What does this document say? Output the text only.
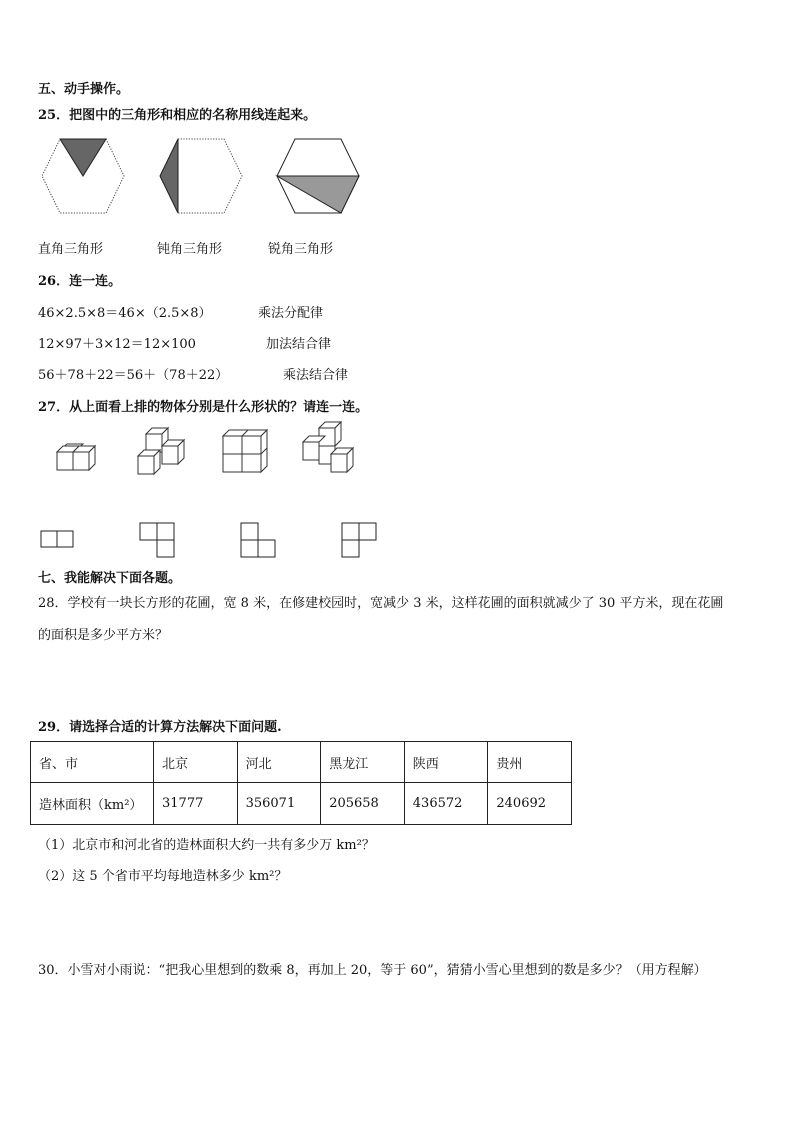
五、动手操作。
25．把图中的三角形和相应的名称用线连起来。
直角三角形	钝角三角形	锐角三角形
26．连一连。
46×2.5×8＝46×（2.5×8）
12×97＋3×12＝12×100
56＋78＋22＝56＋（78＋22）
乘法分配律
加法结合律
乘法结合律
27．从上面看上排的物体分别是什么形状的？请连一连。
七、我能解决下面各题。
28．学校有一块长方形的花圃，宽 8 米，在修建校园时，宽减少 3 米，这样花圃的面积就减少了 30 平方米，现在花圃
的面积是多少平方米？
29．请选择合适的计算方法解决下面问题.
省、市	北京	河北	黑龙江	陕西	贵州
造林面积（km²）	31777	356071	205658	436572	240692
（1）北京市和河北省的造林面积大约一共有多少万 km²？
（2）这 5 个省市平均每地造林多少 km²？
30．小雪对小雨说：“把我心里想到的数乘 8，再加上 20，等于 60”，猜猜小雪心里想到的数是多少？（用方程解）
